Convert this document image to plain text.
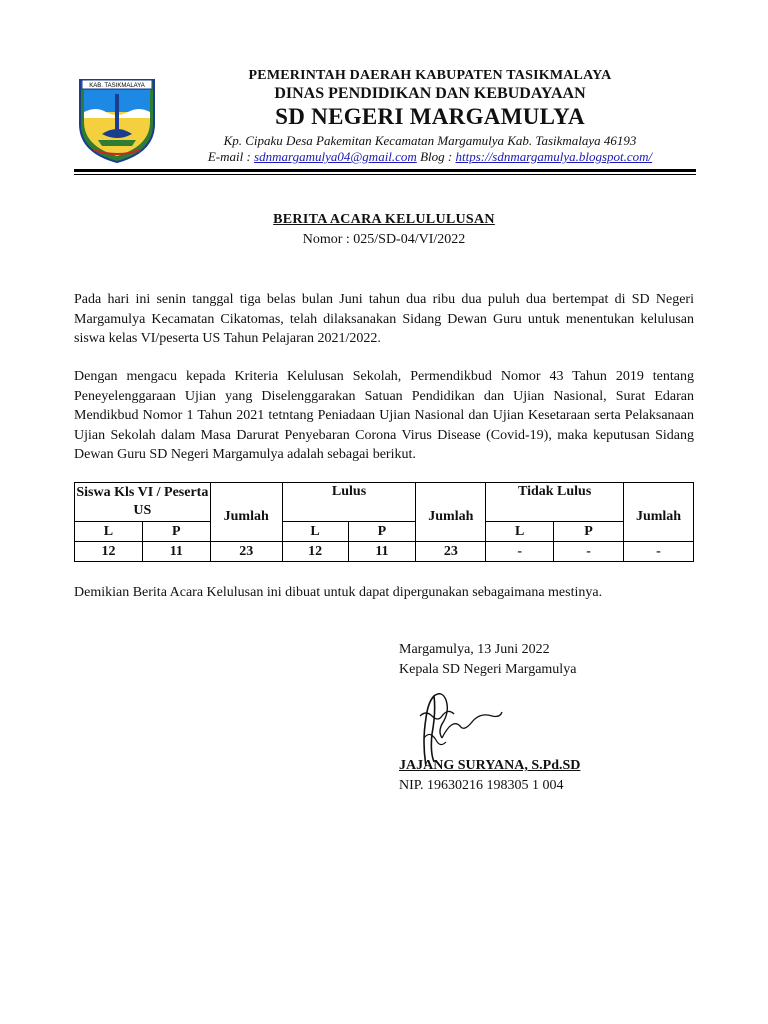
KAB. TASIKMALAYA
PEMERINTAH DAERAH KABUPATEN TASIKMALAYA
DINAS PENDIDIKAN DAN KEBUDAYAAN
SD NEGERI MARGAMULYA
Kp. Cipaku Desa Pakemitan Kecamatan Margamulya Kab. Tasikmalaya 46193
E-mail : sdnmargamulya04@gmail.com Blog : https://sdnmargamulya.blogspot.com/
BERITA ACARA KELULULUSAN
Nomor : 025/SD-04/VI/2022
Pada hari ini senin tanggal tiga belas bulan Juni tahun dua ribu dua puluh dua bertempat di SD Negeri Margamulya Kecamatan Cikatomas, telah dilaksanakan Sidang Dewan Guru untuk menentukan kelulusan siswa kelas VI/peserta US Tahun Pelajaran 2021/2022.
Dengan mengacu kepada Kriteria Kelulusan Sekolah, Permendikbud Nomor 43 Tahun 2019 tentang Peneyelenggaraan Ujian yang Diselenggarakan Satuan Pendidikan dan Ujian Nasional, Surat Edaran Mendikbud Nomor 1 Tahun 2021 tetntang Peniadaan Ujian Nasional dan Ujian Kesetaraan serta Pelaksanaan Ujian Sekolah dalam Masa Darurat Penyebaran Corona Virus Disease (Covid-19), maka keputusan Sidang Dewan Guru SD Negeri Margamulya adalah sebagai berikut.
Siswa Kls VI / Peserta US		Jumlah	Lulus		Jumlah	Tidak Lulus		Jumlah
L	P		L	P		L	P	
12	11	23	12	11	23	-	-	-
Demikian Berita Acara Kelulusan ini dibuat untuk dapat dipergunakan sebagaimana mestinya.
Margamulya, 13 Juni 2022
Kepala SD Negeri Margamulya
JAJANG SURYANA, S.Pd.SD
NIP. 19630216 198305 1 004
